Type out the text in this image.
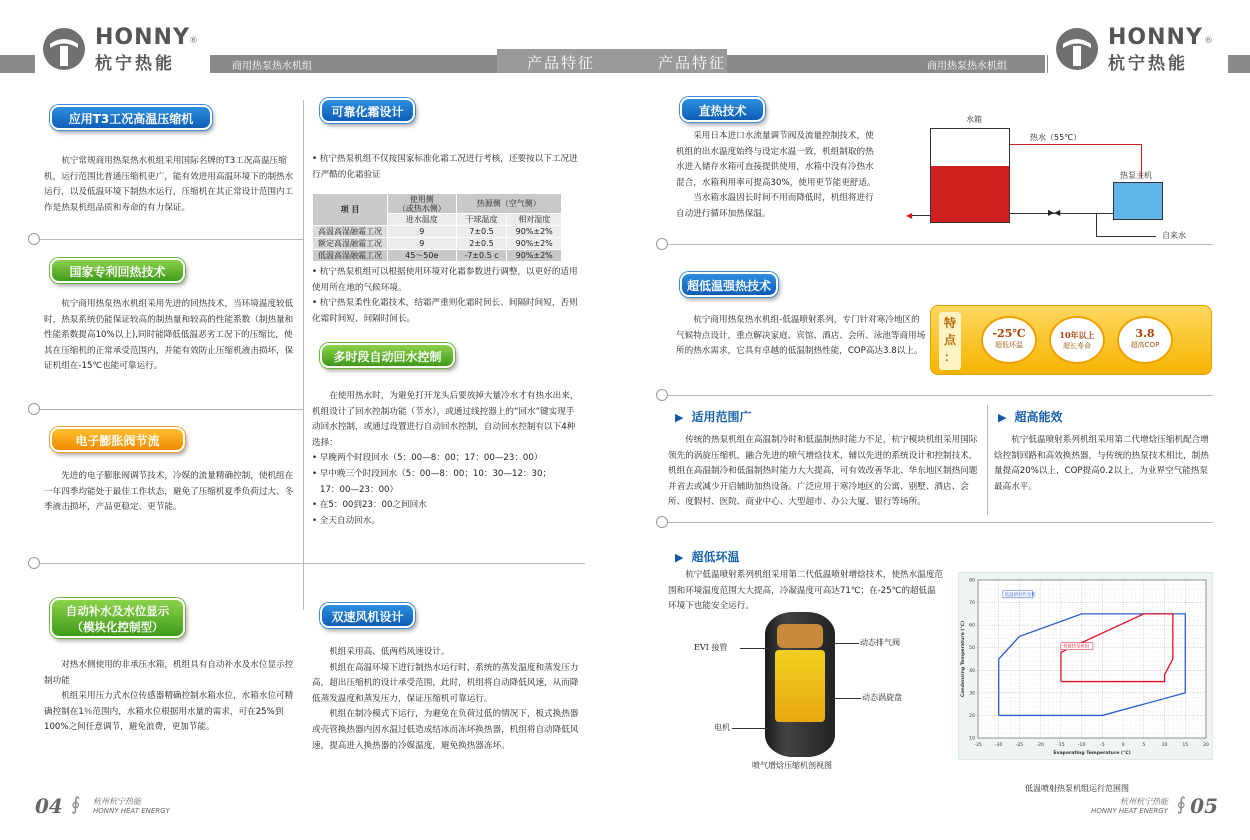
商用热泵热水机组	产品特征	产品特征	商用热泵热水机组
HONNY ®
杭宁热能
HONNY ®
杭宁热能
应用T3工况高温压缩机

杭宁常规商用热泵热水机组采用国际名牌的T3工况高温压缩机，运行范围比普通压缩机更广，能有效进用高温环境下的制热水运行，以及低温环境下制热水运行，压缩机在其正常设计范围内工作是热泵机组品质和寿命的有力保证。

国家专利回热技术

杭宁商用热泵热水机组采用先进的回热技术，当环境温度较低时，热泵系统仍能保证较高的制热量和较高的性能系数（制热量和性能系数提高10%以上),同时能降低低温恶劣工况下的压缩比，使其在压缩机的正常承受范围内，并能有效防止压缩机液击损坏，保证机组在-15℃也能可靠运行。

电子膨胀阀节流

先进的电子膨胀阀调节技术，冷媒的流量精确控制，使机组在一年四季均能处于最佳工作状态，避免了压缩机夏季负荷过大、冬季液击损坏，产品更稳定、更节能。

自动补水及水位显示
（模块化控制型）

对热水侧使用的非承压水箱，机组具有自动补水及水位显示控制功能

机组采用压力式水位传感器精确控制水箱水位，水箱水位可精确控制在1％范围内，水箱水位根据用水量的需求，可在25%到100%之间任意调节，避免浪费，更加节能。

可靠化霜设计
• 杭宁热泵机组不仅按国家标准化霜工况进行考核，还要按以下工况进行严酷的化霜验证
项 目	使用侧
（或热水侧）	热源侧（空气侧）	
	进水温度	干球温度	相对湿度
高温高湿融霜工况	9	7±0.5	90%±2%
额定高湿融霜工况	9	2±0.5	90%±2%
低温高湿融霜工况	45～50e	-7±0.5 c	90%±2%
• 杭宁热泵机组可以根据使用环境对化霜参数进行调整，以更好的适用使用所在地的气候环境。
• 杭宁热泵柔性化霜技术，结霜严重则化霜时间长、间隔时间短，否则化霜时间短、间隔时间长。
多时段自动回水控制

在使用热水时，为避免打开龙头后要放掉大量冷水才有热水出来，机组设计了回水控制功能（节水），或通过线控器上的“回水”键实现手动回水控制，或通过设置进行自动回水控制，自动回水控制有以下4种选择：

• 早晚两个时段回水（5：00—8：00；17：00—23：00）
• 早中晚三个时段回水（5：00—8：00；10：30—12：30；
17：00—23：00）
• 在5：00到23：00之间回水
• 全天自动回水。
双速风机设计

机组采用高、低两档风速设计。

机组在高温环境下进行制热水运行时，系统的蒸发温度和蒸发压力高，超出压缩机的设计承受范围，此时，机组将自动降低风速，从而降低蒸发温度和蒸发压力，保证压缩机可靠运行。

机组在制冷模式下运行，为避免在负荷过低的情况下，板式换热器或壳管换热器内因水温过低造成结冰而冻坏换热器，机组将自动降低风速，提高进入换热器的冷媒温度，避免换热器冻坏。

直热技术

采用日本进口水流量调节阀及流量控制技术，使机组的出水温度始终与设定水温一致，机组制取的热水进入储存水箱可直接提供使用，水箱中没有冷热水混合，水箱利用率可提高30%，使用更节能更舒适。

当水箱水温因长时间不用而降低时，机组将进行自动进行循环加热保温。

水箱
热水（55℃）
◀
热泵主机
▶◀
自来水
超低温强热技术

杭宁商用热泵热水机组-低温喷射系列，专门针对寒冷地区的气候特点设计，重点解决家庭、宾馆、酒店、会所、泳池等商用场所的热水需求，它具有卓越的低温制热性能，COP高达3.8以上。

特
点
：
-25℃
超低环温
10年以上
超长寿命
3.8
超高COP
▶ 适用范围广

传统的热泵机组在高温制冷时和低温制热时能力不足，杭宁模块机组采用国际领先的涡旋压缩机，融合先进的喷气增焓技术，辅以先进的系统设计和控制技术，机组在高温制冷和低温制热时能力大大提高，可有效改善华北、华东地区制热问题并省去或减少开启辅助加热设备。广泛应用于寒冷地区的公寓、别墅、酒店、会所、度假村、医院、商业中心、大型超市、办公大厦、银行等场所。

▶ 超高能效

杭宁低温喷射系列机组采用第二代增焓压缩机配合增焓控制回路和高效换热器，与传统的热泵技术相比，制热量提高20%以上，COP提高0.2以上，为业界空气能热泵最高水平。

▶ 超低环温

杭宁低温喷射系列机组采用第二代低温喷射增焓技术，使热水温度范围和环境温度范围大大提高，冷凝温度可高达71℃；在-25℃的超低温环境下也能安全运行。

EVI 接管
电机
动态排气阀
动态涡旋盘
喷气增焓压缩机剖视图
-35	-30	-25	-20	-15	-10	-5	0	5	10	15	20
10
20
30
40
50
60
70
80
Evaporating Temperature (℃)
Condensing Temperature (℃)
低温喷射热泵机
普通热泵机组
低温喷射热泵机组运行范围图
04 ∮ 杭州杭宁热能
HONNY HEAT ENERGY
杭州杭宁热能
HONNY HEAT ENERGY ∮ 05
